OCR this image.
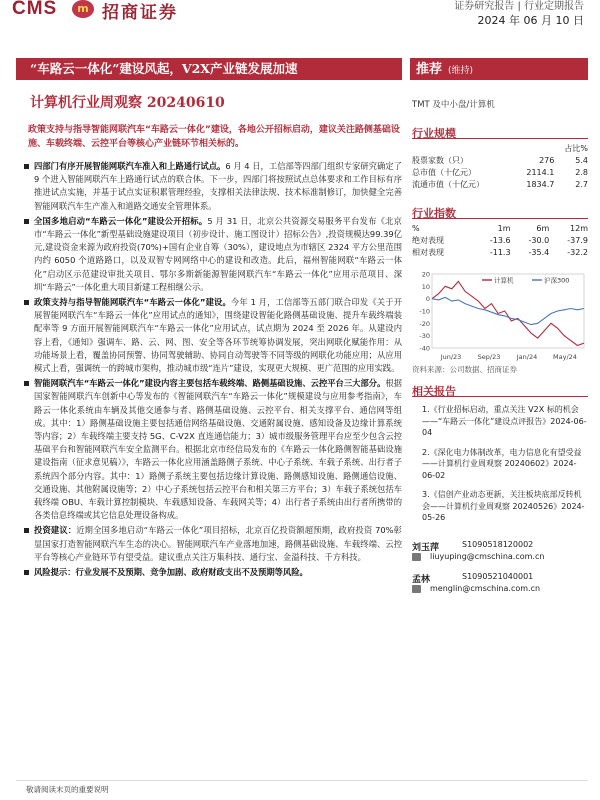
CMS	m 招商证券	证券研究报告 | 行业定期报告
2024 年 06 月 10 日
“车路云一体化”建设风起，V2X产业链发展加速	推荐 (维持)
计算机行业周观察 20240610	TMT 及中小盘/计算机
政策支持与指导智能网联汽车“车路云一体化”建设，各地公开招标启动，建议关注路侧基础设施、车载终端、云控平台等核心产业链环节相关标的。

四部门有序开展智能网联汽车准入和上路通行试点。6 月 4 日，工信部等四部门组织专家研究确定了 9 个进入智能网联汽车上路通行试点的联合体。下一步，四部门将按照试点总体要求和工作目标有序推进试点实施，并基于试点实证积累管理经验，支撑相关法律法规、技术标准制修订，加快健全完善智能网联汽车生产准入和道路交通安全管理体系。

全国多地启动“车路云一体化”建设公开招标。5 月 31 日，北京公共资源交易服务平台发布《北京市“车路云一体化”新型基础设施建设项目（初步设计、施工图设计）招标公告》,投资规模达99.39亿元,建设资金来源为政府投资(70%)+国有企业自筹（30%），建设地点为市辖区 2324 平方公里范围内约 6050 个道路路口，以及双智专网网络中心的建设和改造。此后，福州智能网联“车路云一体化”启动区示范建设审批关项目、鄂尔多斯新能源智能网联汽车“车路云一体化”应用示范项目、深圳“车路云”一体化重大项目新建工程相继公示。

政策支持与指导智能网联汽车“车路云一体化”建设。今年 1 月，工信部等五部门联合印发《关于开展智能网联汽车“车路云一体化”应用试点的通知》，围绕建设智能化路侧基础设施、提升车载终端装配率等 9 方面开展智能网联汽车“车路云一体化”应用试点，试点期为 2024 至 2026 年。从建设内容上看，《通知》强调车、路、云、网、图、安全等各环节统筹协调发展，突出网联化赋能作用：从功能场景上看，覆盖协同预警、协同驾驶辅助、协同自动驾驶等不同等级的网联化功能应用；从应用模式上看，强调统一的跨城市架构，推动城市级“连片”建设，实现更大规模、更广范围的应用实践。

智能网联汽车“车路云一体化”建设内容主要包括车载终端、路侧基础设施、云控平台三大部分。根据国家智能网联汽车创新中心等发布的《智能网联汽车“车路云一体化”规模建设与应用参考指南》，车路云一体化系统由车辆及其他交通参与者、路侧基础设施、云控平台、相关支撑平台、通信网等组成。其中：1）路侧基础设施主要包括通信网络基础设施、交通附属设施、感知设备及边缘计算系统等内容；2）车载终端主要支持 5G、C-V2X 直连通信能力；3）城市级服务管理平台应至少包含云控基础平台和智能网联汽车安全监测平台。根据北京市经信局发布的《车路云一体化路侧智能基础设施建设指南（征求意见稿）》，车路云一体化应用涵盖路侧子系统、中心子系统、车载子系统、出行者子系统四个部分内容。其中：1）路侧子系统主要包括边缘计算设施、路侧感知设施、路侧通信设施、交通设施、其他附属设施等；2）中心子系统包括云控平台和相关第三方平台；3）车载子系统包括车载终端 OBU、车载计算控制模块、车载感知设备、车载网关等；4）出行者子系统由出行者所携带的各类信息终端或其它信息处理设备构成。

投资建议：近期全国多地启动“车路云一体化”项目招标，北京百亿投资额超预期，政府投资 70%彰显国家打造智能网联汽车生态的决心。智能网联汽车产业落地加速，路侧基础设施、车载终端、云控平台等核心产业链环节有望受益。建议重点关注万集科技、通行宝、金溢科技、千方科技。

风险提示：行业发展不及预期、竞争加剧、政府财政支出不及预期等风险。

行业规模
		占比%
股票家数（只）	276	5.4
总市值（十亿元）	2114.1	2.8
流通市值（十亿元）	1834.7	2.7
行业指数
%	1m	6m	12m
绝对表现	-13.6	-30.0	-37.9
相对表现	-11.3	-35.4	-32.2
20
10
0
-10
-20
-30
-40
Jun/23	Sep/23	Jan/24 May/24
计算机	沪深300
资料来源：公司数据、招商证券
相关报告
1.《行业招标启动，重点关注 V2X 标的机会——“车路云一体化”建设点评报告》2024-06-04
2.《深化电力体制改革，电力信息化有望受益——计算机行业周观察 20240602》2024-06-02
3.《信创产业动态更新，关注板块底部反转机会——计算机行业周观察 20240526》2024-05-26
刘玉萍	S1090518120002
liuyuping@cmschina.com.cn
孟林	S1090521040001
menglin@cmschina.com.cn
敬请阅读末页的重要说明
